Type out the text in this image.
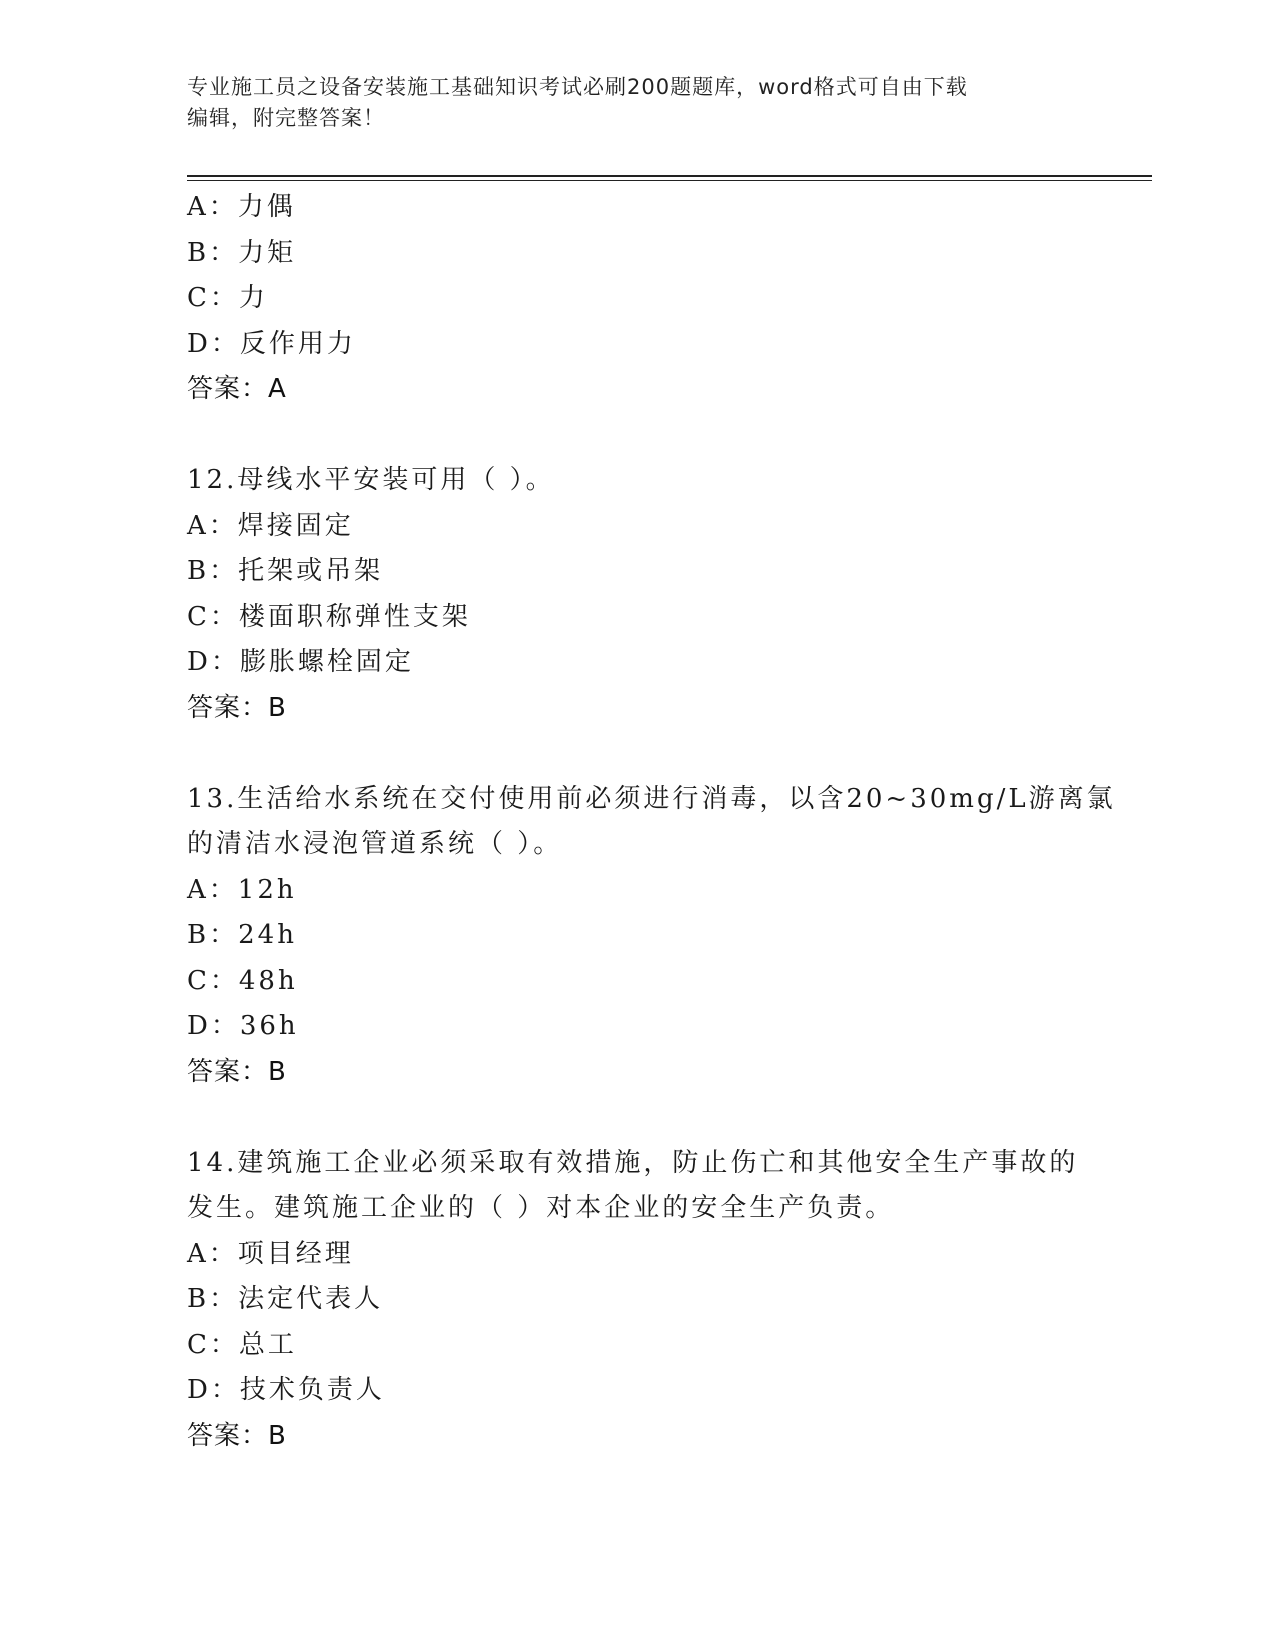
专业施工员之设备安装施工基础知识考试必刷200题题库，word格式可自由下载
编辑，附完整答案！
A：力偶
B：力矩
C：力
D：反作用力
答案：A
12.母线水平安装可用（ ）。
A：焊接固定
B：托架或吊架
C：楼面职称弹性支架
D：膨胀螺栓固定
答案：B
13.生活给水系统在交付使用前必须进行消毒，以含20~30mg/L游离氯
的清洁水浸泡管道系统（ ）。
A：12h
B：24h
C：48h
D：36h
答案：B
14.建筑施工企业必须采取有效措施，防止伤亡和其他安全生产事故的
发生。建筑施工企业的（ ）对本企业的安全生产负责。
A：项目经理
B：法定代表人
C：总工
D：技术负责人
答案：B
